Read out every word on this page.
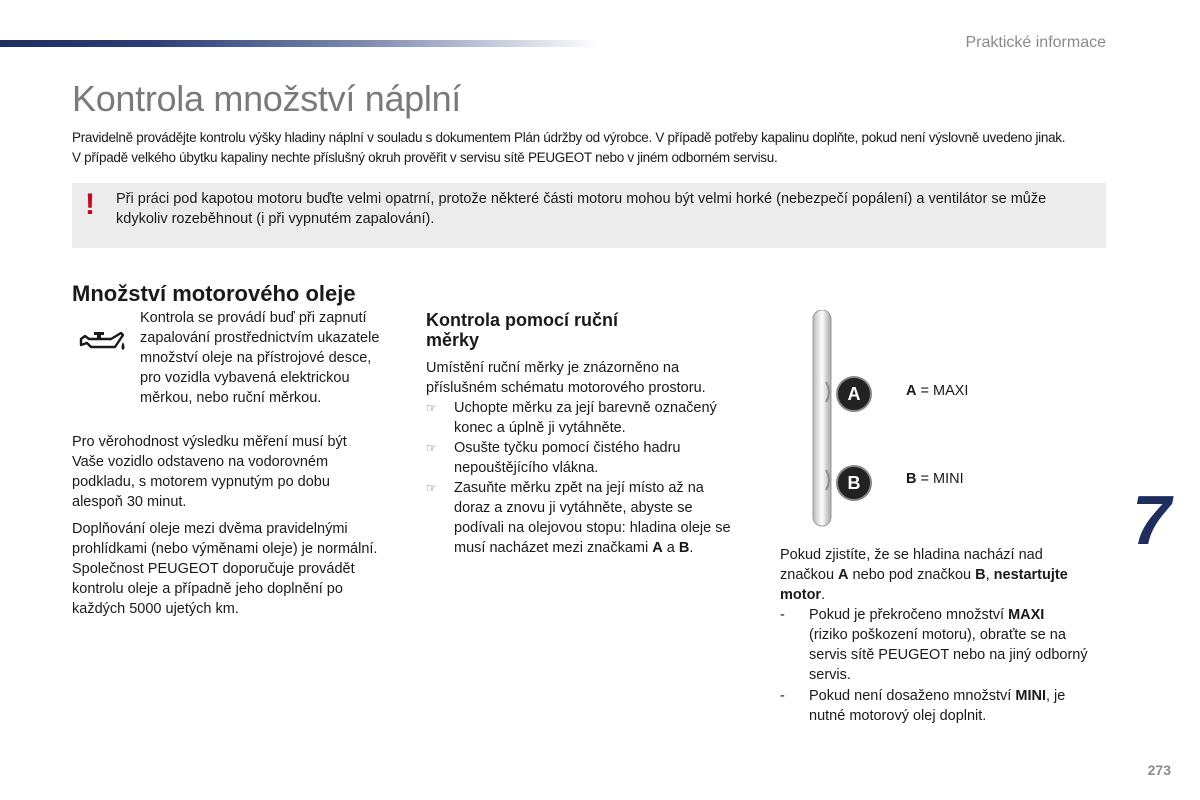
Praktické informace
Kontrola množství náplní

Pravidelně provádějte kontrolu výšky hladiny náplní v souladu s dokumentem Plán údržby od výrobce. V případě potřeby kapalinu doplňte, pokud není výslovně uvedeno jinak.

V případě velkého úbytku kapaliny nechte příslušný okruh prověřit v servisu sítě PEUGEOT nebo v jiném odborném servisu.

! Při práci pod kapotou motoru buďte velmi opatrní, protože některé části motoru mohou být velmi horké (nebezpečí popálení) a ventilátor se může kdykoliv rozeběhnout (i při vypnutém zapalování).
Množství motorového oleje
Kontrola se provádí buď při zapnutí
zapalování prostřednictvím ukazatele
množství oleje na přístrojové desce,
pro vozidla vybavená elektrickou
měrkou, nebo ruční měrkou.
Pro věrohodnost výsledku měření musí být
Vaše vozidlo odstaveno na vodorovném
podkladu, s motorem vypnutým po dobu
alespoň 30 minut.
Doplňování oleje mezi dvěma pravidelnými
prohlídkami (nebo výměnami oleje) je normální.
Společnost PEUGEOT doporučuje provádět
kontrolu oleje a případně jeho doplnění po
každých 5000 ujetých km.
Kontrola pomocí ruční
měrky
Umístění ruční měrky je znázorněno na
příslušném schématu motorového prostoru.
☞ Uchopte měrku za její barevně označený
konec a úplně ji vytáhněte.
☞ Osušte tyčku pomocí čistého hadru
nepouštějícího vlákna.
☞ Zasuňte měrku zpět na její místo až na
doraz a znovu ji vytáhněte, abyste se
podívali na olejovou stopu: hladina oleje se
musí nacházet mezi značkami A a B.
A
B
A = MAXI
B = MINI
7
Pokud zjistíte, že se hladina nachází nad
značkou A nebo pod značkou B, nestartujte
motor.
- Pokud je překročeno množství MAXI
(riziko poškození motoru), obraťte se na
servis sítě PEUGEOT nebo na jiný odborný
servis.
- Pokud není dosaženo množství MINI, je
nutné motorový olej doplnit.
273
